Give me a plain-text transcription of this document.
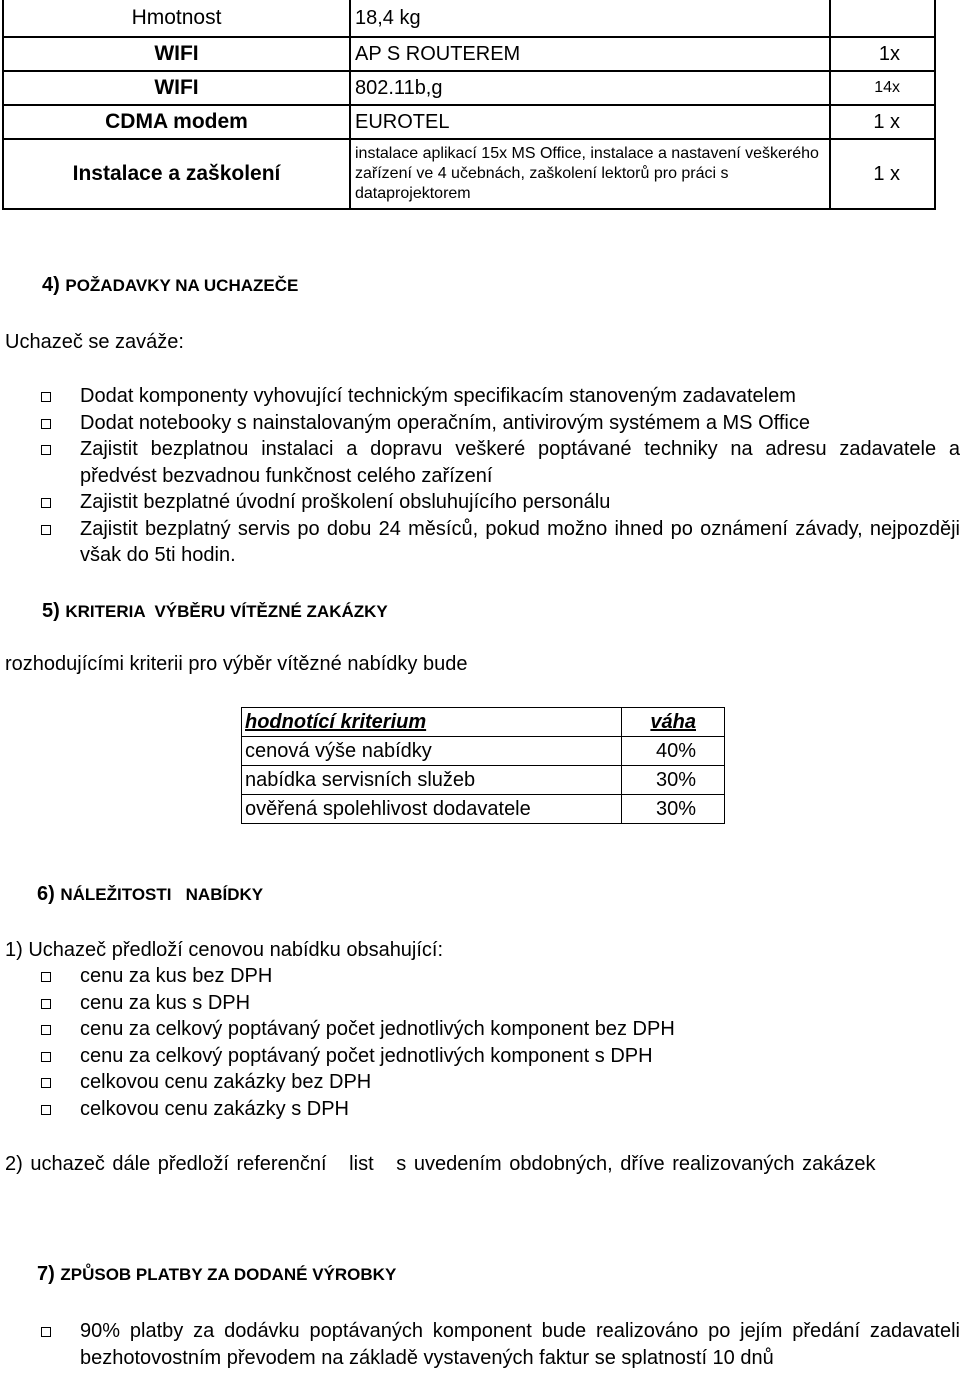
Hmotnost	18,4 kg	
WIFI	AP S ROUTEREM	1x
WIFI	802.11b,g	14x
CDMA modem	EUROTEL	1 x
Instalace a zaškolení	instalace aplikací 15x MS Office, instalace a nastavení veškerého zařízení ve 4 učebnách, zaškolení lektorů pro práci s dataprojektorem	1 x
4) POŽADAVKY NA UCHAZEČE
Uchazeč se zaváže:
Dodat komponenty vyhovující technickým specifikacím stanoveným zadavatelem
Dodat notebooky s nainstalovaným operačním, antivirovým systémem a MS Office
Zajistit bezplatnou instalaci a dopravu veškeré poptávané techniky na adresu zadavatele a předvést bezvadnou funkčnost celého zařízení
Zajistit bezplatné úvodní proškolení obsluhujícího personálu
Zajistit bezplatný servis po dobu 24 měsíců, pokud možno ihned po oznámení závady, nejpozději však do 5ti hodin.
5) KRITERIA  VÝBĚRU VÍTĚZNÉ ZAKÁZKY
rozhodujícími kriterii pro výběr vítězné nabídky bude
hodnotící kriterium	váha
cenová výše nabídky	40%
nabídka servisních služeb	30%
ověřená spolehlivost dodavatele	30%
6) NÁLEŽITOSTI   NABÍDKY
1) Uchazeč předloží cenovou nabídku obsahující:
cenu za kus bez DPH
cenu za kus s DPH
cenu za celkový poptávaný počet jednotlivých komponent bez DPH
cenu za celkový poptávaný počet jednotlivých komponent s DPH
celkovou cenu zakázky bez DPH
celkovou cenu zakázky s DPH
2) uchazeč dále předloží referenční   list   s uvedením obdobných, dříve realizovaných zakázek
7) ZPŮSOB PLATBY ZA DODANÉ VÝROBKY
90% platby za dodávku poptávaných komponent bude realizováno po jejím předání zadavateli bezhotovostním převodem na základě vystavených faktur se splatností 10 dnů
